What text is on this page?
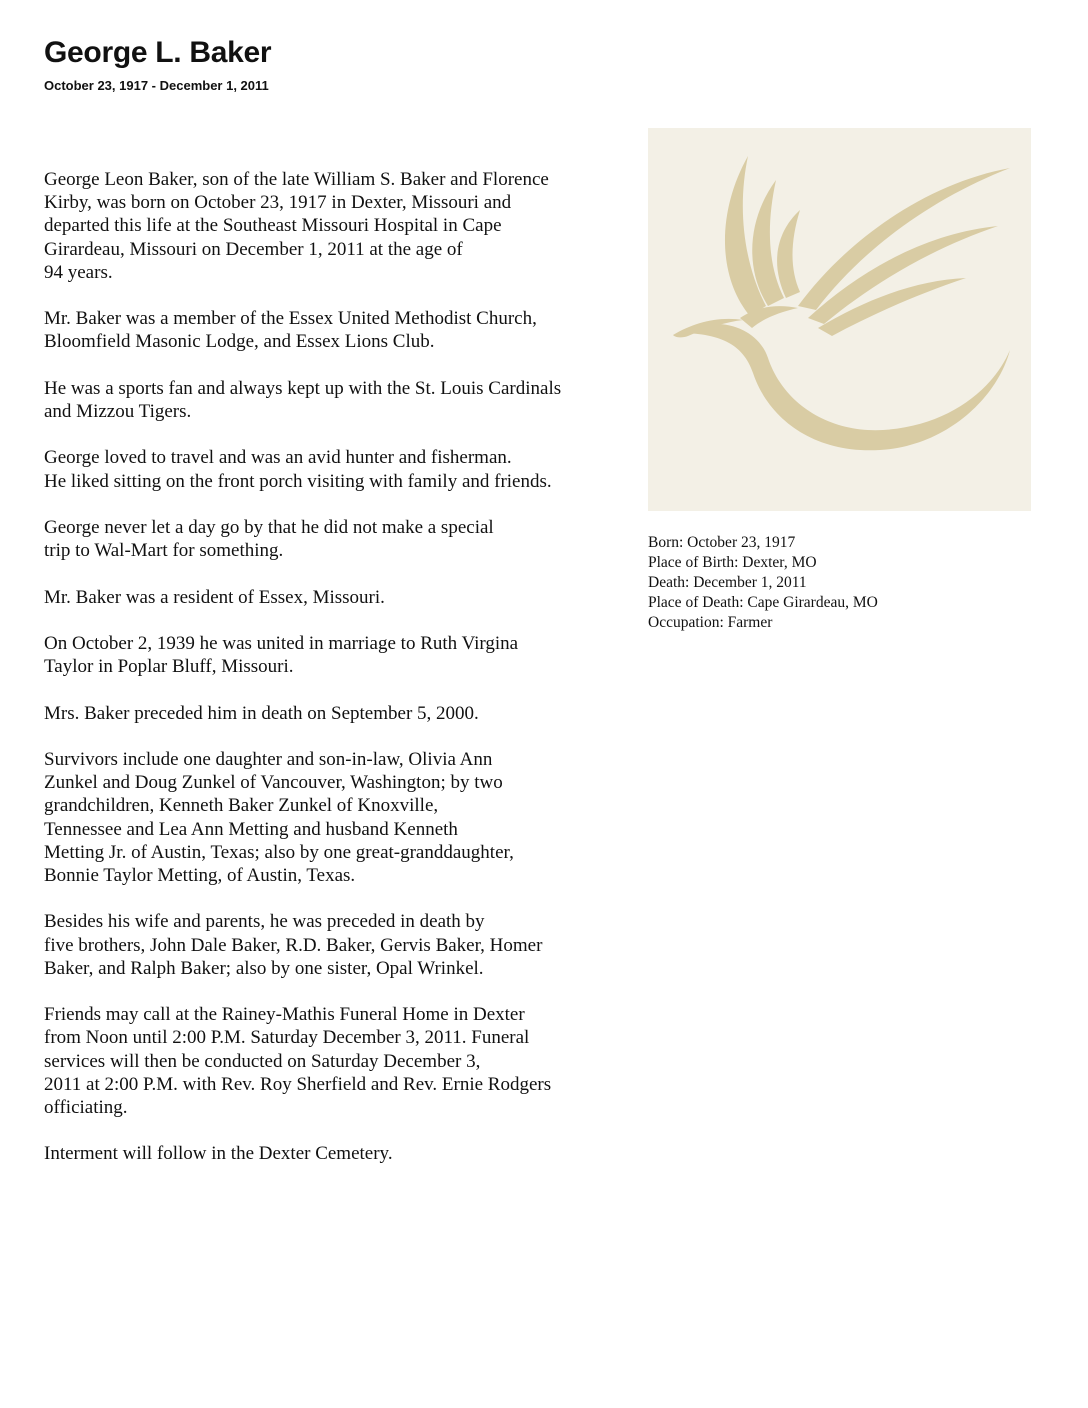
George L. Baker
October 23, 1917 - December 1, 2011

George Leon Baker, son of the late William S. Baker and Florence
Kirby, was born on October 23, 1917 in Dexter, Missouri and
departed this life at the Southeast Missouri Hospital in Cape
Girardeau, Missouri on December 1, 2011 at the age of
94 years.

Mr. Baker was a member of the Essex United Methodist Church,
Bloomfield Masonic Lodge, and Essex Lions Club.

He was a sports fan and always kept up with the St. Louis Cardinals
and Mizzou Tigers.

George loved to travel and was an avid hunter and fisherman.
He liked sitting on the front porch visiting with family and friends.

George never let a day go by that he did not make a special
trip to Wal-Mart for something.

Mr. Baker was a resident of Essex, Missouri.

On October 2, 1939 he was united in marriage to Ruth Virgina
Taylor in Poplar Bluff, Missouri.

Mrs. Baker preceded him in death on September 5, 2000.

Survivors include one daughter and son-in-law, Olivia Ann
Zunkel and Doug Zunkel of Vancouver, Washington; by two
grandchildren, Kenneth Baker Zunkel of Knoxville,
Tennessee and Lea Ann Metting and husband Kenneth
Metting Jr. of Austin, Texas; also by one great-granddaughter,
Bonnie Taylor Metting, of Austin, Texas.

Besides his wife and parents, he was preceded in death by
five brothers, John Dale Baker, R.D. Baker, Gervis Baker, Homer
Baker, and Ralph Baker; also by one sister, Opal Wrinkel.

Friends may call at the Rainey-Mathis Funeral Home in Dexter
from Noon until 2:00 P.M. Saturday December 3, 2011. Funeral
services will then be conducted on Saturday December 3,
2011 at 2:00 P.M. with Rev. Roy Sherfield and Rev. Ernie Rodgers
officiating.

Interment will follow in the Dexter Cemetery.

Born: October 23, 1917
Place of Birth: Dexter, MO
Death: December 1, 2011
Place of Death: Cape Girardeau, MO
Occupation: Farmer
